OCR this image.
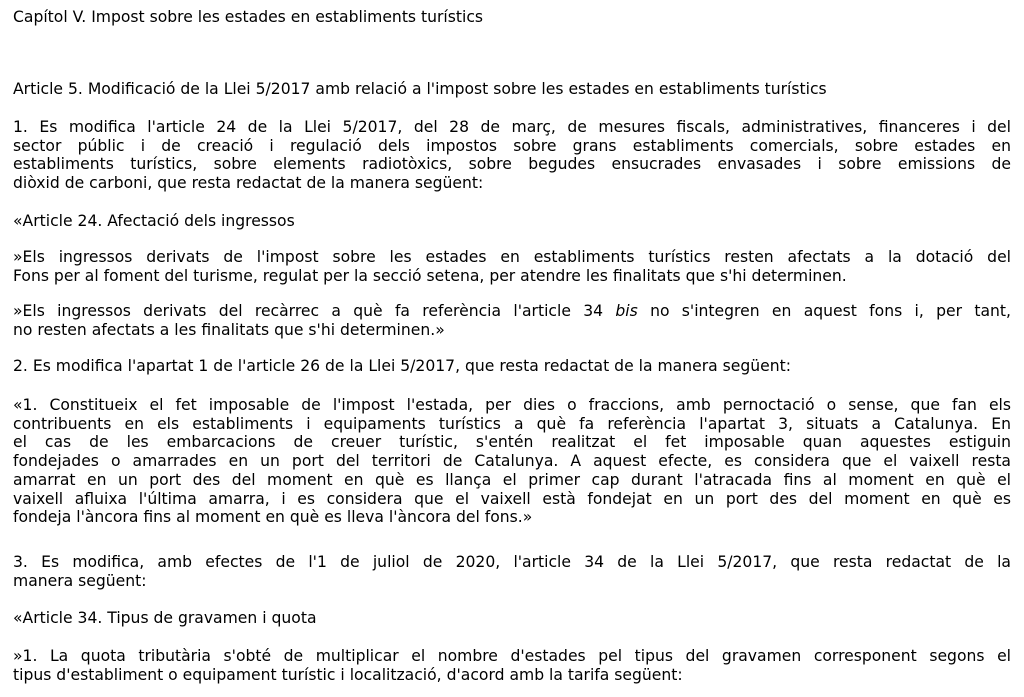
Capítol V. Impost sobre les estades en establiments turístics

Article 5. Modificació de la Llei 5/2017 amb relació a l'impost sobre les estades en establiments turístics

1. Es modifica l'article 24 de la Llei 5/2017, del 28 de març, de mesures fiscals, administratives, financeres i del
sector públic i de creació i regulació dels impostos sobre grans establiments comercials, sobre estades en
establiments turístics, sobre elements radiotòxics, sobre begudes ensucrades envasades i sobre emissions de
diòxid de carboni, que resta redactat de la manera següent:

«Article 24. Afectació dels ingressos

»Els ingressos derivats de l'impost sobre les estades en establiments turístics resten afectats a la dotació del
Fons per al foment del turisme, regulat per la secció setena, per atendre les finalitats que s'hi determinen.

»Els ingressos derivats del recàrrec a què fa referència l'article 34 bis no s'integren en aquest fons i, per tant,
no resten afectats a les finalitats que s'hi determinen.»

2. Es modifica l'apartat 1 de l'article 26 de la Llei 5/2017, que resta redactat de la manera següent:

«1. Constitueix el fet imposable de l'impost l'estada, per dies o fraccions, amb pernoctació o sense, que fan els
contribuents en els establiments i equipaments turístics a què fa referència l'apartat 3, situats a Catalunya. En
el cas de les embarcacions de creuer turístic, s'entén realitzat el fet imposable quan aquestes estiguin
fondejades o amarrades en un port del territori de Catalunya. A aquest efecte, es considera que el vaixell resta
amarrat en un port des del moment en què es llança el primer cap durant l'atracada fins al moment en què el
vaixell afluixa l'última amarra, i es considera que el vaixell està fondejat en un port des del moment en què es
fondeja l'àncora fins al moment en què es lleva l'àncora del fons.»

3. Es modifica, amb efectes de l'1 de juliol de 2020, l'article 34 de la Llei 5/2017, que resta redactat de la
manera següent:

«Article 34. Tipus de gravamen i quota

»1. La quota tributària s'obté de multiplicar el nombre d'estades pel tipus del gravamen corresponent segons el
tipus d'establiment o equipament turístic i localització, d'acord amb la tarifa següent:
